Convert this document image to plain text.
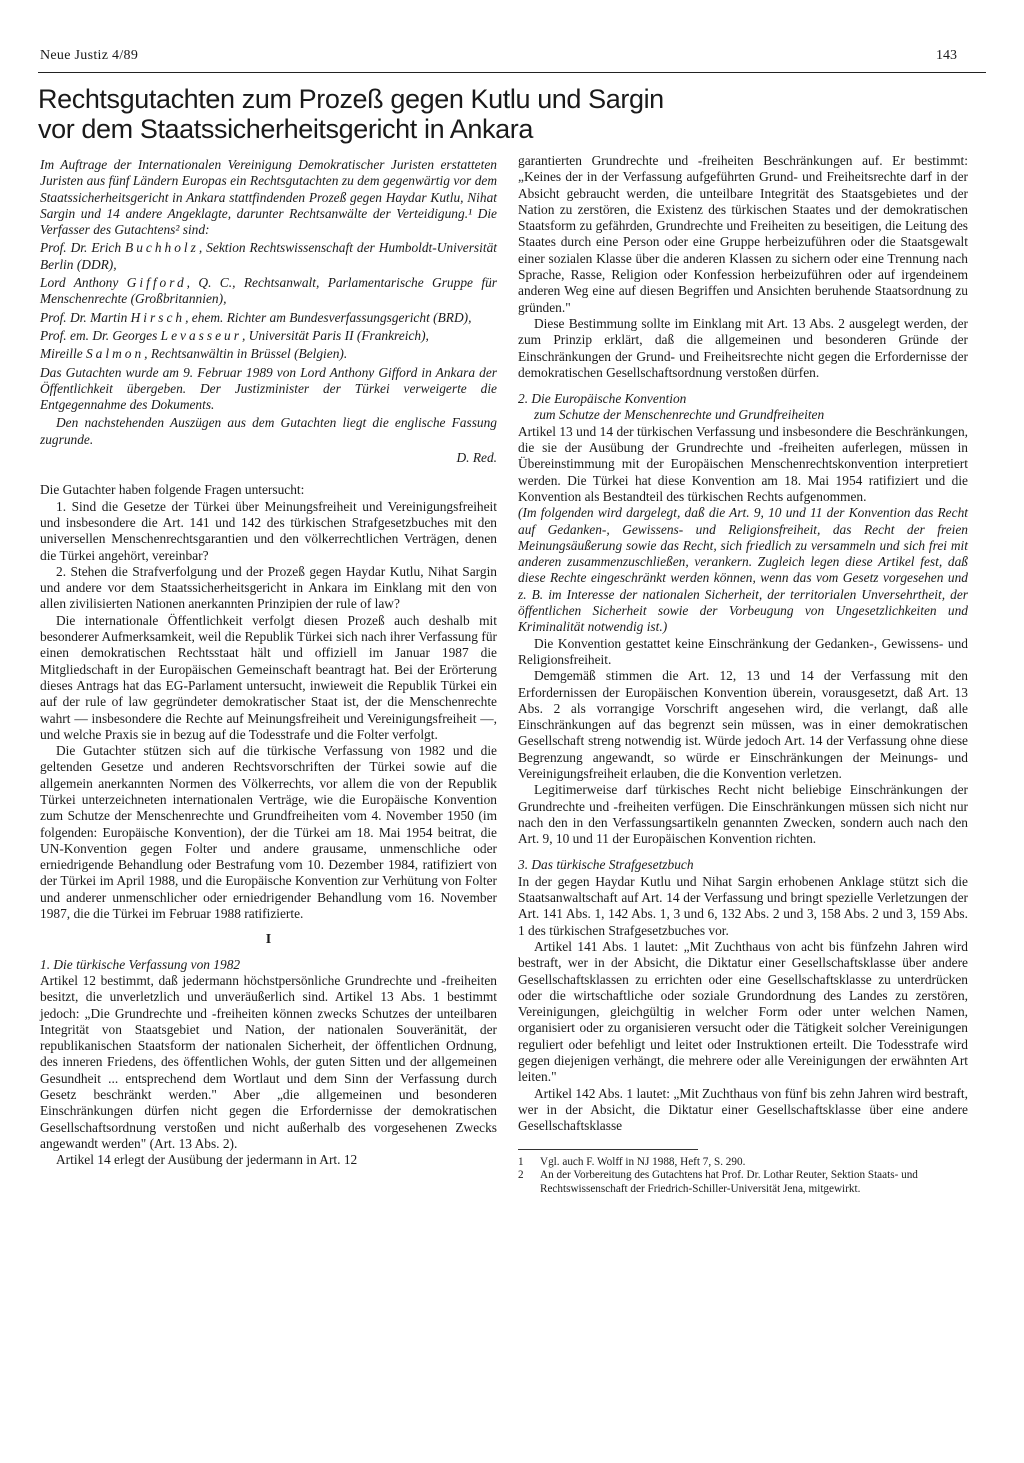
Neue Justiz 4/89	143
Rechtsgutachten zum Prozeß gegen Kutlu und Sargin
vor dem Staatssicherheitsgericht in Ankara

Im Auftrage der Internationalen Vereinigung Demokratischer Juristen erstatteten Juristen aus fünf Ländern Europas ein Rechtsgutachten zu dem gegenwärtig vor dem Staatssicherheitsgericht in Ankara stattfindenden Prozeß gegen Haydar Kutlu, Nihat Sargin und 14 andere Angeklagte, darunter Rechtsanwälte der Verteidigung.¹ Die Verfasser des Gutachtens² sind:

Prof. Dr. Erich Buchholz, Sektion Rechtswissenschaft der Humboldt-Universität Berlin (DDR),

Lord Anthony Gifford, Q. C., Rechtsanwalt, Parlamentarische Gruppe für Menschenrechte (Großbritannien),

Prof. Dr. Martin Hirsch, ehem. Richter am Bundesverfassungsgericht (BRD),

Prof. em. Dr. Georges Levasseur, Universität Paris II (Frankreich),

Mireille Salmon, Rechtsanwältin in Brüssel (Belgien).

Das Gutachten wurde am 9. Februar 1989 von Lord Anthony Gifford in Ankara der Öffentlichkeit übergeben. Der Justizminister der Türkei verweigerte die Entgegennahme des Dokuments.

Den nachstehenden Auszügen aus dem Gutachten liegt die englische Fassung zugrunde.

D. Red.

Die Gutachter haben folgende Fragen untersucht:

1. Sind die Gesetze der Türkei über Meinungsfreiheit und Vereinigungsfreiheit und insbesondere die Art. 141 und 142 des türkischen Strafgesetzbuches mit den universellen Menschenrechtsgarantien und den völkerrechtlichen Verträgen, denen die Türkei angehört, vereinbar?

2. Stehen die Strafverfolgung und der Prozeß gegen Haydar Kutlu, Nihat Sargin und andere vor dem Staatssicherheitsgericht in Ankara im Einklang mit den von allen zivilisierten Nationen anerkannten Prinzipien der rule of law?

Die internationale Öffentlichkeit verfolgt diesen Prozeß auch deshalb mit besonderer Aufmerksamkeit, weil die Republik Türkei sich nach ihrer Verfassung für einen demokratischen Rechtsstaat hält und offiziell im Januar 1987 die Mitgliedschaft in der Europäischen Gemeinschaft beantragt hat. Bei der Erörterung dieses Antrags hat das EG-Parlament untersucht, inwieweit die Republik Türkei ein auf der rule of law gegründeter demokratischer Staat ist, der die Menschenrechte wahrt — insbesondere die Rechte auf Meinungsfreiheit und Vereinigungsfreiheit —, und welche Praxis sie in bezug auf die Todesstrafe und die Folter verfolgt.

Die Gutachter stützen sich auf die türkische Verfassung von 1982 und die geltenden Gesetze und anderen Rechtsvorschriften der Türkei sowie auf die allgemein anerkannten Normen des Völkerrechts, vor allem die von der Republik Türkei unterzeichneten internationalen Verträge, wie die Europäische Konvention zum Schutze der Menschenrechte und Grundfreiheiten vom 4. November 1950 (im folgenden: Europäische Konvention), der die Türkei am 18. Mai 1954 beitrat, die UN-Konvention gegen Folter und andere grausame, unmenschliche oder erniedrigende Behandlung oder Bestrafung vom 10. Dezember 1984, ratifiziert von der Türkei im April 1988, und die Europäische Konvention zur Verhütung von Folter und anderer unmenschlicher oder erniedrigender Behandlung vom 16. November 1987, die die Türkei im Februar 1988 ratifizierte.

I

1. Die türkische Verfassung von 1982

Artikel 12 bestimmt, daß jedermann höchstpersönliche Grundrechte und -freiheiten besitzt, die unverletzlich und unveräußerlich sind. Artikel 13 Abs. 1 bestimmt jedoch: „Die Grundrechte und -freiheiten können zwecks Schutzes der unteilbaren Integrität von Staatsgebiet und Nation, der nationalen Souveränität, der republikanischen Staatsform der nationalen Sicherheit, der öffentlichen Ordnung, des inneren Friedens, des öffentlichen Wohls, der guten Sitten und der allgemeinen Gesundheit ... entsprechend dem Wortlaut und dem Sinn der Verfassung durch Gesetz beschränkt werden." Aber „die allgemeinen und besonderen Einschränkungen dürfen nicht gegen die Erfordernisse der demokratischen Gesellschaftsordnung verstoßen und nicht außerhalb des vorgesehenen Zwecks angewandt werden" (Art. 13 Abs. 2).

Artikel 14 erlegt der Ausübung der jedermann in Art. 12

garantierten Grundrechte und -freiheiten Beschränkungen auf. Er bestimmt: „Keines der in der Verfassung aufgeführten Grund- und Freiheitsrechte darf in der Absicht gebraucht werden, die unteilbare Integrität des Staatsgebietes und der Nation zu zerstören, die Existenz des türkischen Staates und der demokratischen Staatsform zu gefährden, Grundrechte und Freiheiten zu beseitigen, die Leitung des Staates durch eine Person oder eine Gruppe herbeizuführen oder die Staatsgewalt einer sozialen Klasse über die anderen Klassen zu sichern oder eine Trennung nach Sprache, Rasse, Religion oder Konfession herbeizuführen oder auf irgendeinem anderen Weg eine auf diesen Begriffen und Ansichten beruhende Staatsordnung zu gründen."

Diese Bestimmung sollte im Einklang mit Art. 13 Abs. 2 ausgelegt werden, der zum Prinzip erklärt, daß die allgemeinen und besonderen Gründe der Einschränkungen der Grund- und Freiheitsrechte nicht gegen die Erfordernisse der demokratischen Gesellschaftsordnung verstoßen dürfen.

2. Die Europäische Konvention

zum Schutze der Menschenrechte und Grundfreiheiten

Artikel 13 und 14 der türkischen Verfassung und insbesondere die Beschränkungen, die sie der Ausübung der Grundrechte und -freiheiten auferlegen, müssen in Übereinstimmung mit der Europäischen Menschenrechtskonvention interpretiert werden. Die Türkei hat diese Konvention am 18. Mai 1954 ratifiziert und die Konvention als Bestandteil des türkischen Rechts aufgenommen.

(Im folgenden wird dargelegt, daß die Art. 9, 10 und 11 der Konvention das Recht auf Gedanken-, Gewissens- und Religionsfreiheit, das Recht der freien Meinungsäußerung sowie das Recht, sich friedlich zu versammeln und sich frei mit anderen zusammenzuschließen, verankern. Zugleich legen diese Artikel fest, daß diese Rechte eingeschränkt werden können, wenn das vom Gesetz vorgesehen und z. B. im Interesse der nationalen Sicherheit, der territorialen Unversehrtheit, der öffentlichen Sicherheit sowie der Vorbeugung von Ungesetzlichkeiten und Kriminalität notwendig ist.)

Die Konvention gestattet keine Einschränkung der Gedanken-, Gewissens- und Religionsfreiheit.

Demgemäß stimmen die Art. 12, 13 und 14 der Verfassung mit den Erfordernissen der Europäischen Konvention überein, vorausgesetzt, daß Art. 13 Abs. 2 als vorrangige Vorschrift angesehen wird, die verlangt, daß alle Einschränkungen auf das begrenzt sein müssen, was in einer demokratischen Gesellschaft streng notwendig ist. Würde jedoch Art. 14 der Verfassung ohne diese Begrenzung angewandt, so würde er Einschränkungen der Meinungs- und Vereinigungsfreiheit erlauben, die die Konvention verletzen.

Legitimerweise darf türkisches Recht nicht beliebige Einschränkungen der Grundrechte und -freiheiten verfügen. Die Einschränkungen müssen sich nicht nur nach den in den Verfassungsartikeln genannten Zwecken, sondern auch nach den Art. 9, 10 und 11 der Europäischen Konvention richten.

3. Das türkische Strafgesetzbuch

In der gegen Haydar Kutlu und Nihat Sargin erhobenen Anklage stützt sich die Staatsanwaltschaft auf Art. 14 der Verfassung und bringt spezielle Verletzungen der Art. 141 Abs. 1, 142 Abs. 1, 3 und 6, 132 Abs. 2 und 3, 158 Abs. 2 und 3, 159 Abs. 1 des türkischen Strafgesetzbuches vor.

Artikel 141 Abs. 1 lautet: „Mit Zuchthaus von acht bis fünfzehn Jahren wird bestraft, wer in der Absicht, die Diktatur einer Gesellschaftsklasse über andere Gesellschaftsklassen zu errichten oder eine Gesellschaftsklasse zu unterdrücken oder die wirtschaftliche oder soziale Grundordnung des Landes zu zerstören, Vereinigungen, gleichgültig in welcher Form oder unter welchen Namen, organisiert oder zu organisieren versucht oder die Tätigkeit solcher Vereinigungen reguliert oder befehligt und leitet oder Instruktionen erteilt. Die Todesstrafe wird gegen diejenigen verhängt, die mehrere oder alle Vereinigungen der erwähnten Art leiten."

Artikel 142 Abs. 1 lautet: „Mit Zuchthaus von fünf bis zehn Jahren wird bestraft, wer in der Absicht, die Diktatur einer Gesellschaftsklasse über eine andere Gesellschaftsklasse

1	Vgl. auch F. Wolff in NJ 1988, Heft 7, S. 290.
2	An der Vorbereitung des Gutachtens hat Prof. Dr. Lothar Reuter, Sektion Staats- und Rechtswissenschaft der Friedrich-Schiller-Universität Jena, mitgewirkt.
